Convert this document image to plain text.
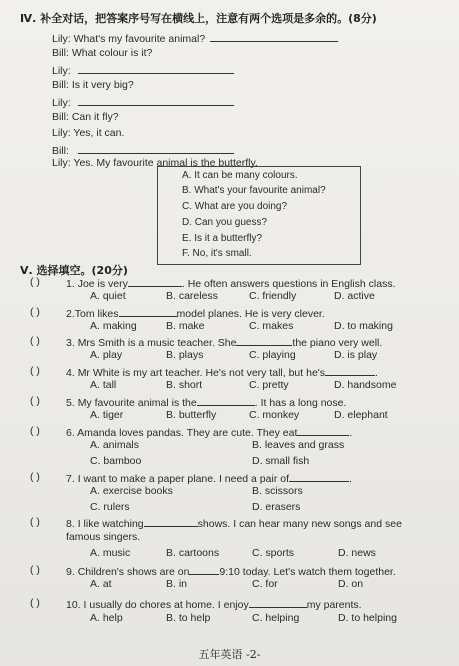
Ⅳ. 补全对话，把答案序号写在横线上，注意有两个选项是多余的。(8分)
Lily: What's my favourite animal?
Bill: What colour is it?
Lily:
Bill: Is it very big?
Lily:
Bill: Can it fly?
Lily: Yes, it can.
Bill:
Lily: Yes. My favourite animal is the butterfly.
A. It can be many colours.
B. What's your favourite animal?
C. What are you doing?
D. Can you guess?
E. Is it a butterfly?
F. No, it's small.
Ⅴ. 选择填空。(20分)
( ) 1. Joe is very	. He often answers questions in English class.
A. quiet	B. careless	C. friendly	D. active
( ) 2.Tom likes	model planes. He is very clever.
A. making	B. make	C. makes	D. to making
( ) 3. Mrs Smith is a music teacher. She	the piano very well.
A. play	B. plays	C. playing	D. is play
( ) 4. Mr White is my art teacher. He's not very tall, but he's	.
A. tall	B. short	C. pretty	D. handsome
( ) 5. My favourite animal is the	. It has a long nose.
A. tiger	B. butterfly	C. monkey	D. elephant
( ) 6. Amanda loves pandas. They are cute. They eat	.
A. animals	B. leaves and grass
C. bamboo	D. small fish
( ) 7. I want to make a paper plane. I need a pair of	.
A. exercise books	B. scissors
C. rulers	D. erasers
( ) 8. I like watching	shows. I can hear many new songs and see
famous singers.
A. music	B. cartoons	C. sports	D. news
( ) 9. Children's shows are on	9:10 today. Let's watch them together.
A. at	B. in	C. for	D. on
( ) 10. I usually do chores at home. I enjoy	my parents.
A. help	B. to help	C. helping	D. to helping
五年英语 -2-
